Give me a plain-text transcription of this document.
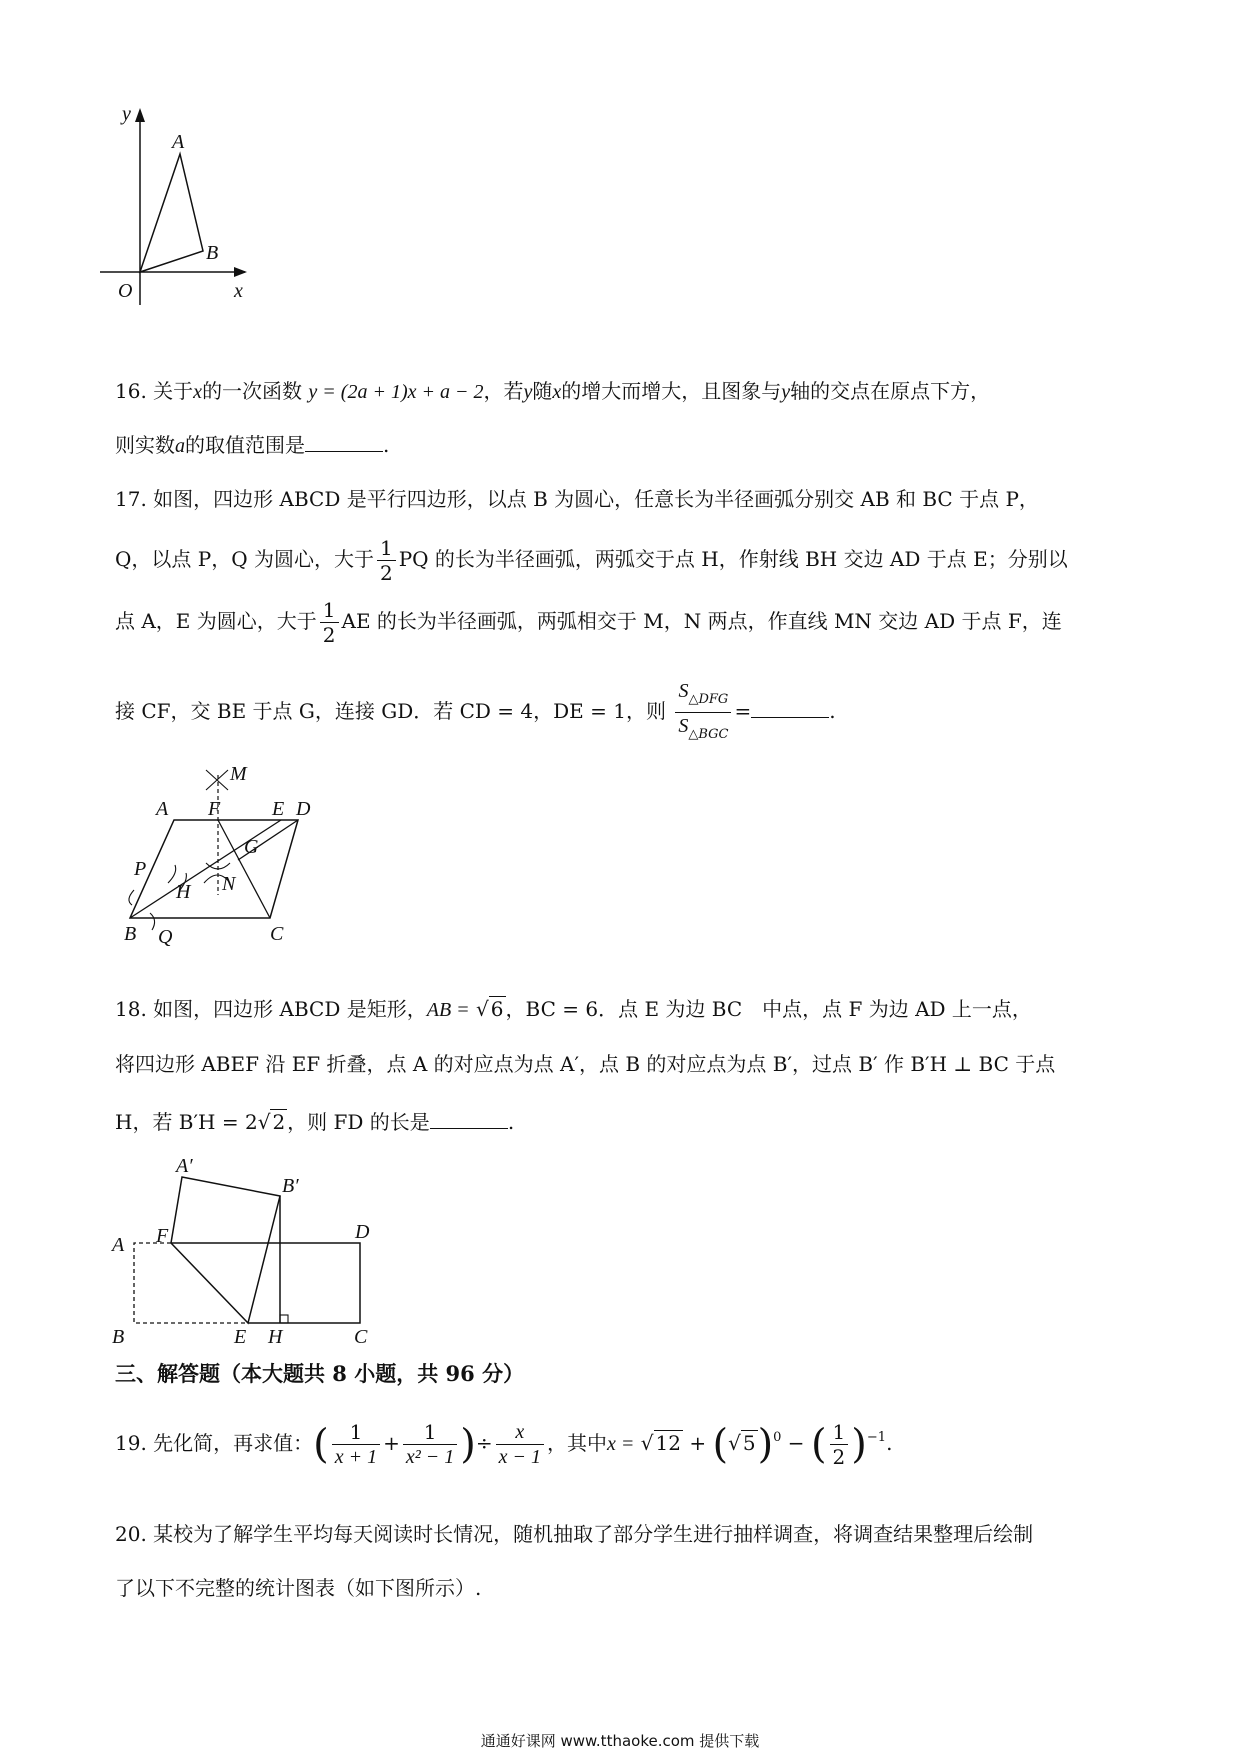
y
A
B
O	x
16. 关于x的一次函数 y = (2a + 1)x + a − 2，若y随x的增大而增大，且图象与y轴的交点在原点下方，
则实数a的取值范围是	.
17. 如图，四边形 ABCD 是平行四边形，以点 B 为圆心，任意长为半径画弧分别交 AB 和 BC 于点 P，
Q，以点 P，Q 为圆心，大于 $\frac{1}{2}$ PQ 的长为半径画弧，两弧交于点 H，作射线 BH 交边 AD 于点 E；分别以
点 A，E 为圆心，大于 $\frac{1}{2}$ AE 的长为半径画弧，两弧相交于 M，N 两点，作直线 MN 交边 AD 于点 F，连
接 CF，交 BE 于点 G，连接 GD．若 CD = 4，DE = 1，则 $\frac{S_{\triangle DFG}}{S_{\triangle BGC}}$ =	.
M
A F	E D
G
P
H N
B Q	C
18. 如图，四边形 ABCD 是矩形，AB = √ 6 ，BC = 6．点 E 为边 BC　中点，点 F 为边 AD 上一点，
将四边形 ABEF 沿 EF 折叠，点 A 的对应点为点 A′，点 B 的对应点为点 B′，过点 B′ 作 B′H ⊥ BC 于点
H，若 B′H = 2√ 2 ，则 FD 的长是	.
A′
B′
F	D
A
B	E H	C
三、解答题（本大题共 8 小题，共 96 分）
19. 先化简，再求值：( $\frac{1}{x + 1} + \frac{1}{\text{x² − 1}}$ )÷ $\frac{x}{x - 1}$ ，其中x = √ 12 + (√ 5)$^0$ − ( $\frac{1}{2} )^{-1}$.
20. 某校为了解学生平均每天阅读时长情况，随机抽取了部分学生进行抽样调查，将调查结果整理后绘制
了以下不完整的统计图表（如下图所示）.
通通好课网 www.tthaoke.com 提供下载
